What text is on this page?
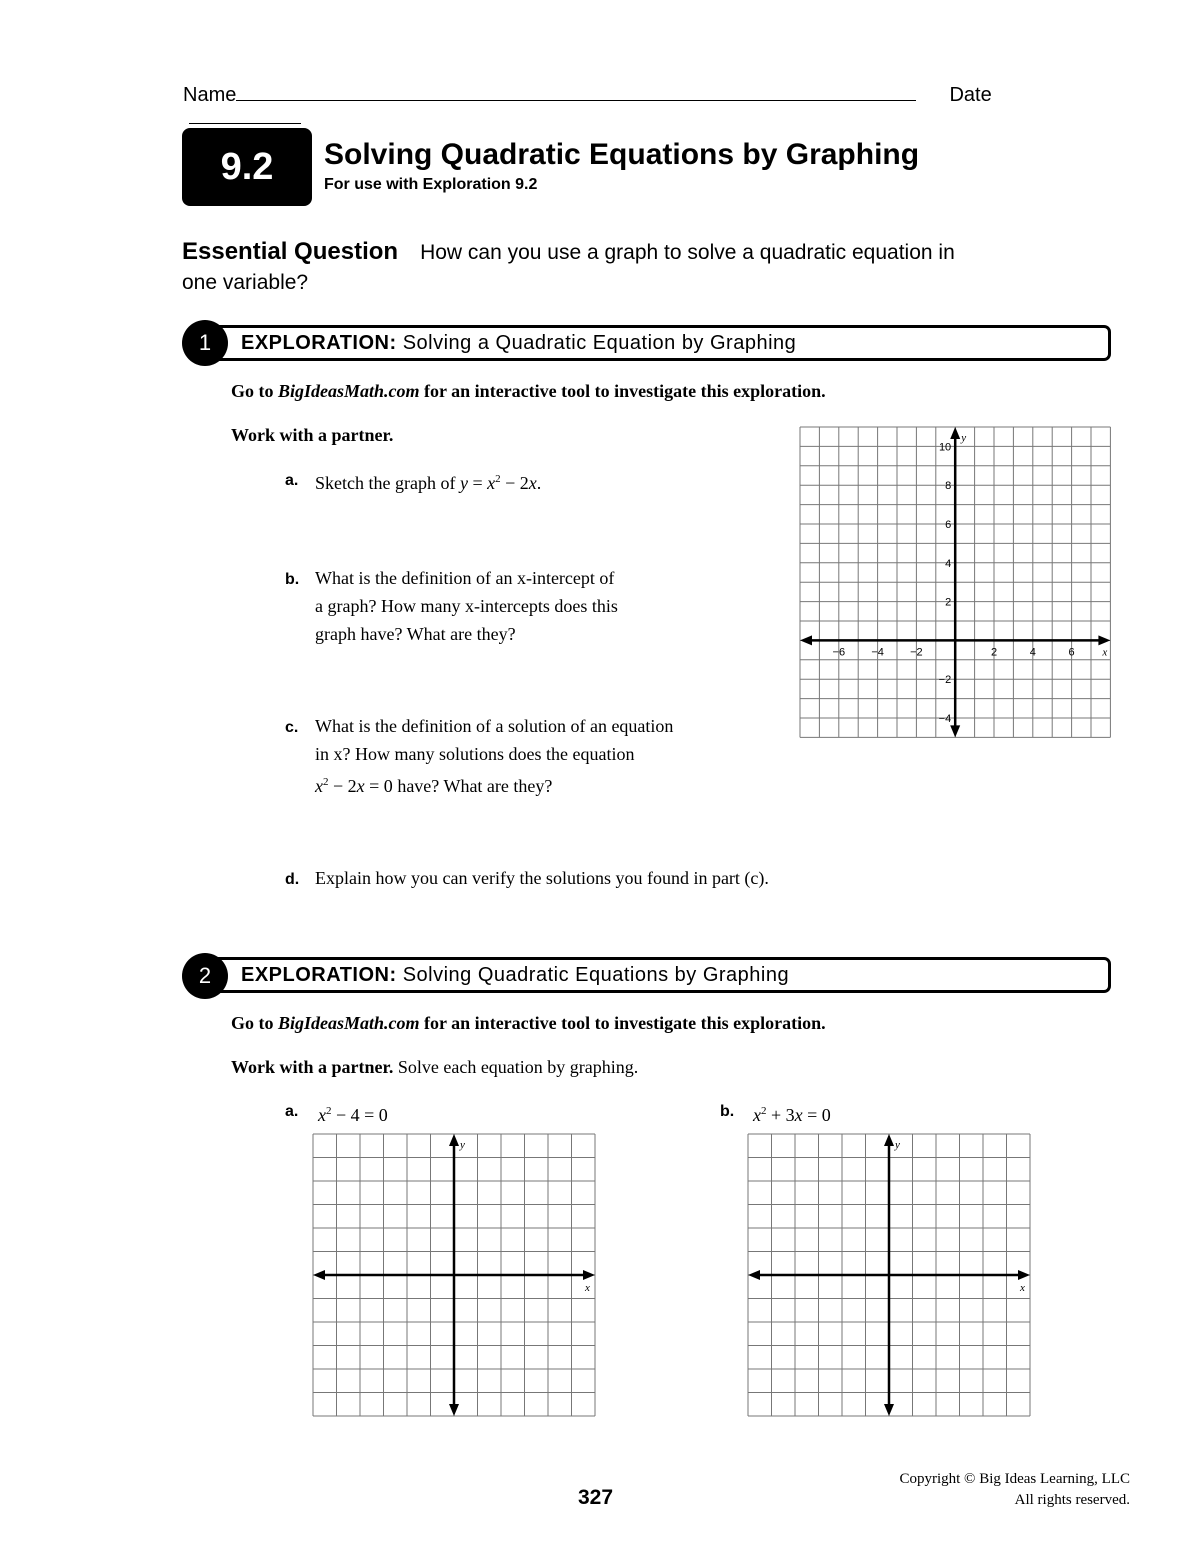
Name	Date
9.2	Solving Quadratic Equations by Graphing
For use with Exploration 9.2
Essential Question How can you use a graph to solve a quadratic equation in one variable?
1	EXPLORATION: Solving a Quadratic Equation by Graphing
Go to BigIdeasMath.com for an interactive tool to investigate this exploration.
Work with a partner.
a. Sketch the graph of $y = x^2 - 2x$.
b. What is the definition of an x-intercept of
a graph? How many x-intercepts does this
graph have? What are they?
c. What is the definition of a solution of an equation
in x? How many solutions does the equation
$x^2 - 2x = 0$ have? What are they?
d. Explain how you can verify the solutions you found in part (c).
−6 −4 −2	2	4	6
10
8
6
4
2
−2
−4
x
y
2	EXPLORATION: Solving Quadratic Equations by Graphing
Go to BigIdeasMath.com for an interactive tool to investigate this exploration.
Work with a partner. Solve each equation by graphing.
a. $x^2 - 4 = 0$	b. $x^2 + 3x = 0$
x
y
x
y
327
Copyright © Big Ideas Learning, LLC
All rights reserved.
